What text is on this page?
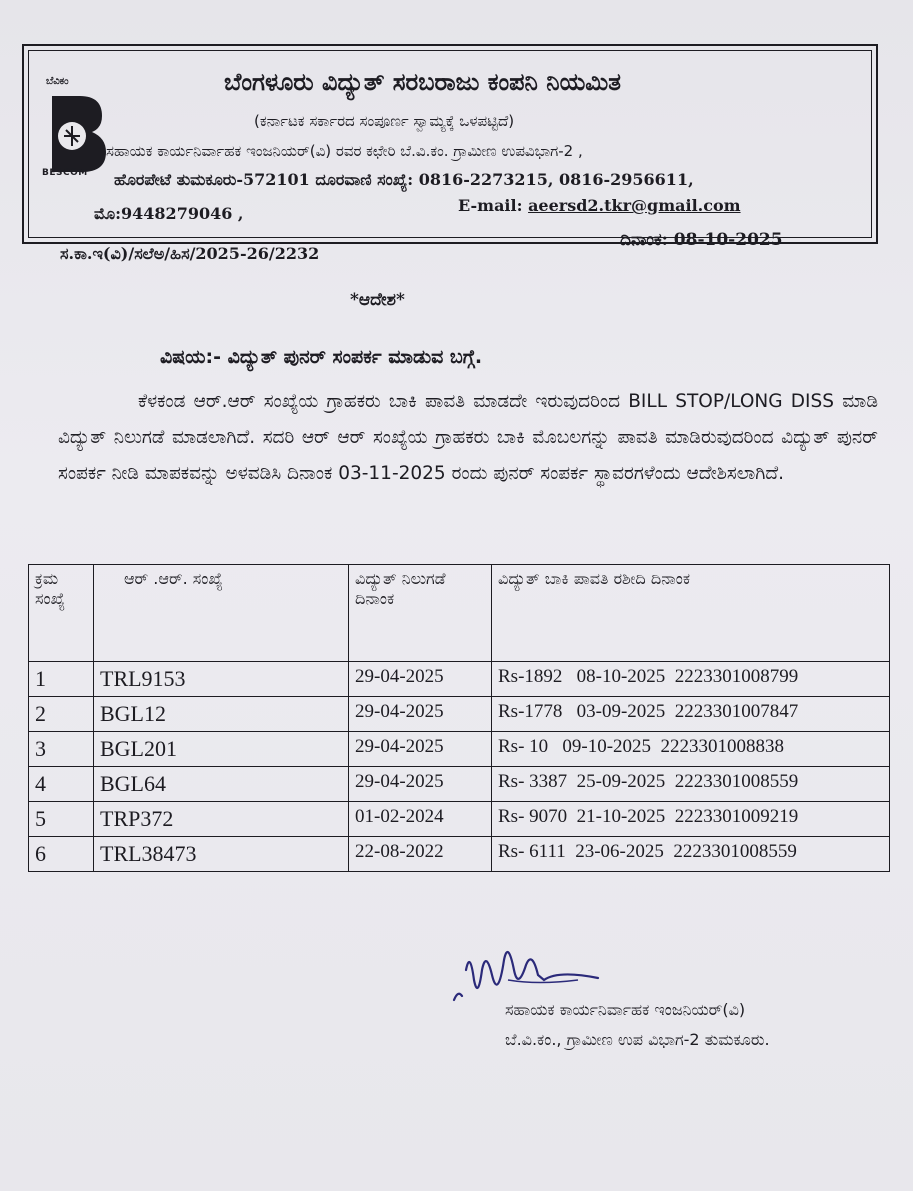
ಬೆವಿಕಂ
BESCOM
ಬೆಂಗಳೂರು ವಿದ್ಯುತ್ ಸರಬರಾಜು ಕಂಪನಿ ನಿಯಮಿತ
(ಕರ್ನಾಟಕ ಸರ್ಕಾರದ ಸಂಪೂರ್ಣ ಸ್ವಾಮ್ಯಕ್ಕೆ ಒಳಪಟ್ಟಿದೆ)
ಸಹಾಯಕ ಕಾರ್ಯನಿರ್ವಾಹಕ ಇಂಜನಿಯರ್(ವಿ) ರವರ ಕಛೇರಿ ಬೆ.ವಿ.ಕಂ. ಗ್ರಾಮೀಣ ಉಪವಿಭಾಗ-2 ,
ಹೊರಪೇಟೆ ತುಮಕೂರು-572101 ದೂರವಾಣಿ ಸಂಖ್ಯೆ: 0816-2273215, 0816-2956611,
ಮೊ:9448279046 ,	E-mail: aeersd2.tkr@gmail.com
ದಿನಾಂಕ: 08-10-2025
ಸ.ಕಾ.ಇ(ವಿ)/ಸಲೆಅ/ಹಿಸ/2025-26/2232
*ಆದೇಶ*
ವಿಷಯ:- ವಿದ್ಯುತ್ ಪುನರ್ ಸಂಪರ್ಕ ಮಾಡುವ ಬಗ್ಗೆ.

ಕೆಳಕಂಡ ಆರ್.ಆರ್ ಸಂಖ್ಯೆಯ ಗ್ರಾಹಕರು ಬಾಕಿ ಪಾವತಿ ಮಾಡದೇ ಇರುವುದರಿಂದ BILL STOP/LONG DISS ಮಾಡಿ ವಿದ್ಯುತ್ ನಿಲುಗಡೆ ಮಾಡಲಾಗಿದೆ. ಸದರಿ ಆರ್ ಆರ್ ಸಂಖ್ಯೆಯ ಗ್ರಾಹಕರು ಬಾಕಿ ಮೊಬಲಗನ್ನು ಪಾವತಿ ಮಾಡಿರುವುದರಿಂದ ವಿದ್ಯುತ್ ಪುನರ್ ಸಂಪರ್ಕ ನೀಡಿ ಮಾಪಕವನ್ನು ಅಳವಡಿಸಿ ದಿನಾಂಕ 03-11-2025 ರಂದು ಪುನರ್ ಸಂಪರ್ಕ ಸ್ಥಾವರಗಳೆಂದು ಆದೇಶಿಸಲಾಗಿದೆ.

ಕ್ರಮ ಸಂಖ್ಯೆ	ಆರ್ .ಆರ್. ಸಂಖ್ಯೆ	ವಿದ್ಯುತ್ ನಿಲುಗಡೆ ದಿನಾಂಕ	ವಿದ್ಯುತ್ ಬಾಕಿ ಪಾವತಿ ರಶೀದಿ ದಿನಾಂಕ
1	TRL9153	29-04-2025	Rs-1892   08-10-2025  2223301008799
2	BGL12	29-04-2025	Rs-1778   03-09-2025  2223301007847
3	BGL201	29-04-2025	Rs- 10   09-10-2025  2223301008838
4	BGL64	29-04-2025	Rs- 3387  25-09-2025  2223301008559
5	TRP372	01-02-2024	Rs- 9070  21-10-2025  2223301009219
6	TRL38473	22-08-2022	Rs- 6111  23-06-2025  2223301008559
ಸಹಾಯಕ ಕಾರ್ಯನಿರ್ವಾಹಕ ಇಂಜನಿಯರ್(ವಿ)
ಬೆ.ವಿ.ಕಂ., ಗ್ರಾಮೀಣ ಉಪ ವಿಭಾಗ-2 ತುಮಕೂರು.
